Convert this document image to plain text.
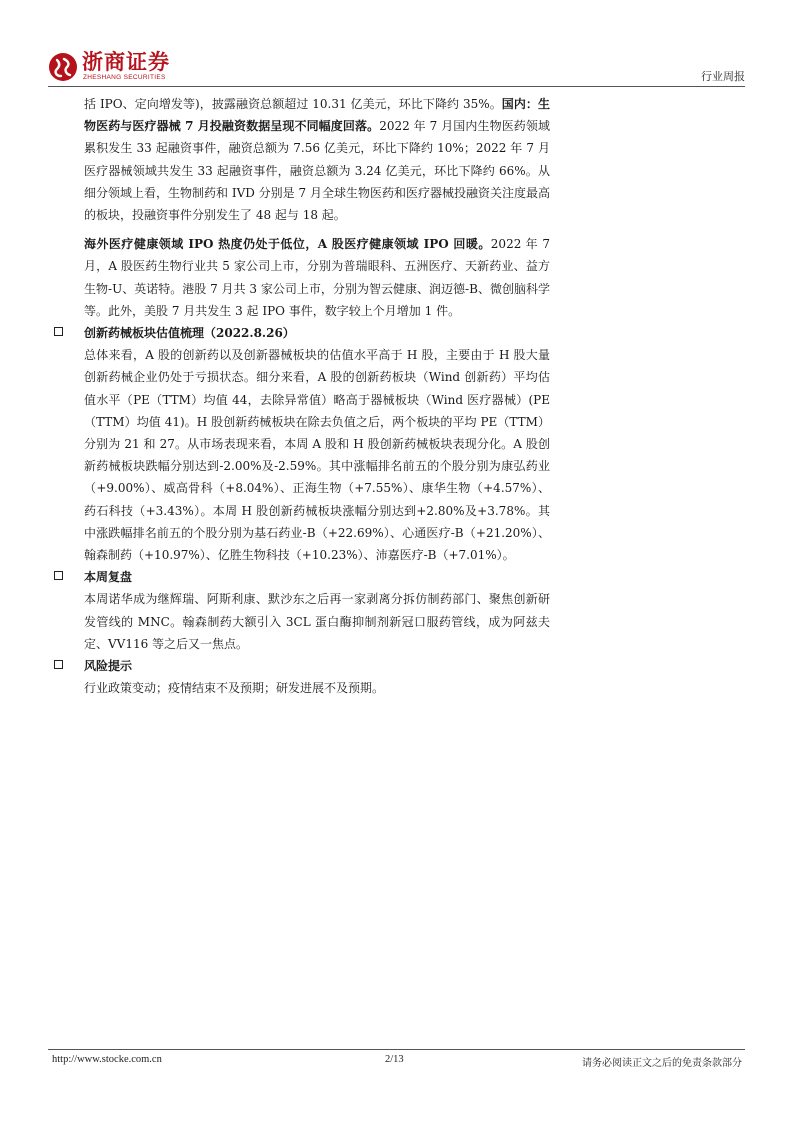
浙商证券
ZHESHANG SECURITIES	行业周报

括 IPO、定向增发等)，披露融资总额超过 10.31 亿美元，环比下降约 35%。国内：生物医药与医疗器械 7 月投融资数据呈现不同幅度回落。2022 年 7 月国内生物医药领域累积发生 33 起融资事件，融资总额为 7.56 亿美元，环比下降约 10%；2022 年 7 月医疗器械领域共发生 33 起融资事件，融资总额为 3.24 亿美元，环比下降约 66%。从细分领域上看，生物制药和 IVD 分别是 7 月全球生物医药和医疗器械投融资关注度最高的板块，投融资事件分别发生了 48 起与 18 起。

海外医疗健康领域 IPO 热度仍处于低位，A 股医疗健康领域 IPO 回暖。2022 年 7 月，A 股医药生物行业共 5 家公司上市，分别为普瑞眼科、五洲医疗、天新药业、益方生物-U、英诺特。港股 7 月共 3 家公司上市，分别为智云健康、润迈德-B、微创脑科学等。此外，美股 7 月共发生 3 起 IPO 事件，数字较上个月增加 1 件。

创新药械板块估值梳理（2022.8.26）

总体来看，A 股的创新药以及创新器械板块的估值水平高于 H 股，主要由于 H 股大量创新药械企业仍处于亏损状态。细分来看，A 股的创新药板块（Wind 创新药）平均估值水平（PE（TTM）均值 44，去除异常值）略高于器械板块（Wind 医疗器械）(PE（TTM）均值 41)。H 股创新药械板块在除去负值之后，两个板块的平均 PE（TTM）分别为 21 和 27。从市场表现来看，本周 A 股和 H 股创新药械板块表现分化。A 股创新药械板块跌幅分别达到-2.00%及-2.59%。其中涨幅排名前五的个股分别为康弘药业（+9.00%）、威高骨科（+8.04%）、正海生物（+7.55%）、康华生物（+4.57%）、药石科技（+3.43%）。本周 H 股创新药械板块涨幅分别达到+2.80%及+3.78%。其中涨跌幅排名前五的个股分别为基石药业-B（+22.69%）、心通医疗-B（+21.20%）、翰森制药（+10.97%）、亿胜生物科技（+10.23%）、沛嘉医疗-B（+7.01%）。

本周复盘

本周诺华成为继辉瑞、阿斯利康、默沙东之后再一家剥离分拆仿制药部门、聚焦创新研发管线的 MNC。翰森制药大额引入 3CL 蛋白酶抑制剂新冠口服药管线，成为阿兹夫定、VV116 等之后又一焦点。

风险提示

行业政策变动；疫情结束不及预期；研发进展不及预期。

http://www.stocke.com.cn	2/13	请务必阅读正文之后的免责条款部分
